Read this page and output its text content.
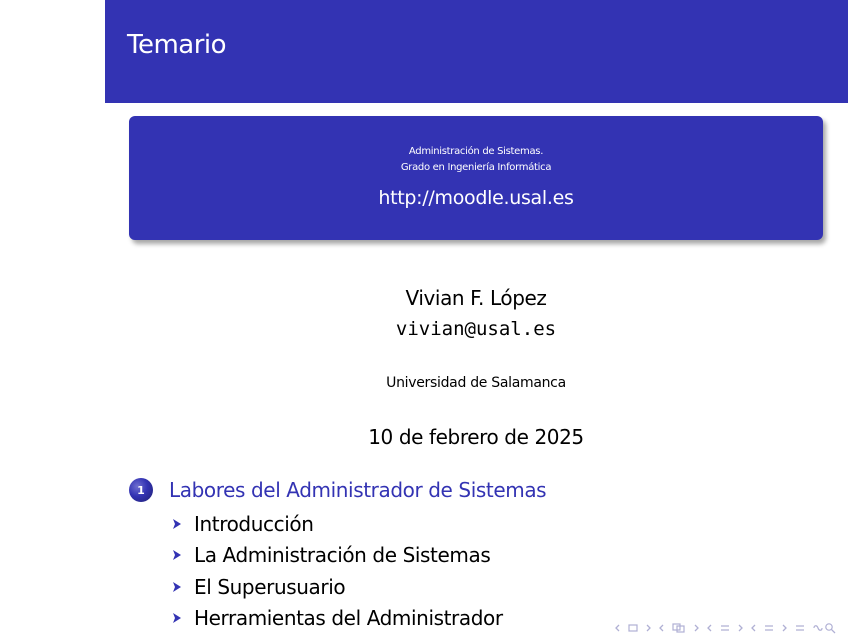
Temario
Administración de Sistemas.
Grado en Ingeniería Informática
http://moodle.usal.es
Vivian F. López
vivian@usal.es
Universidad de Salamanca
10 de febrero de 2025
1	Labores del Administrador de Sistemas
Introducción
La Administración de Sistemas
El Superusuario
Herramientas del Administrador
